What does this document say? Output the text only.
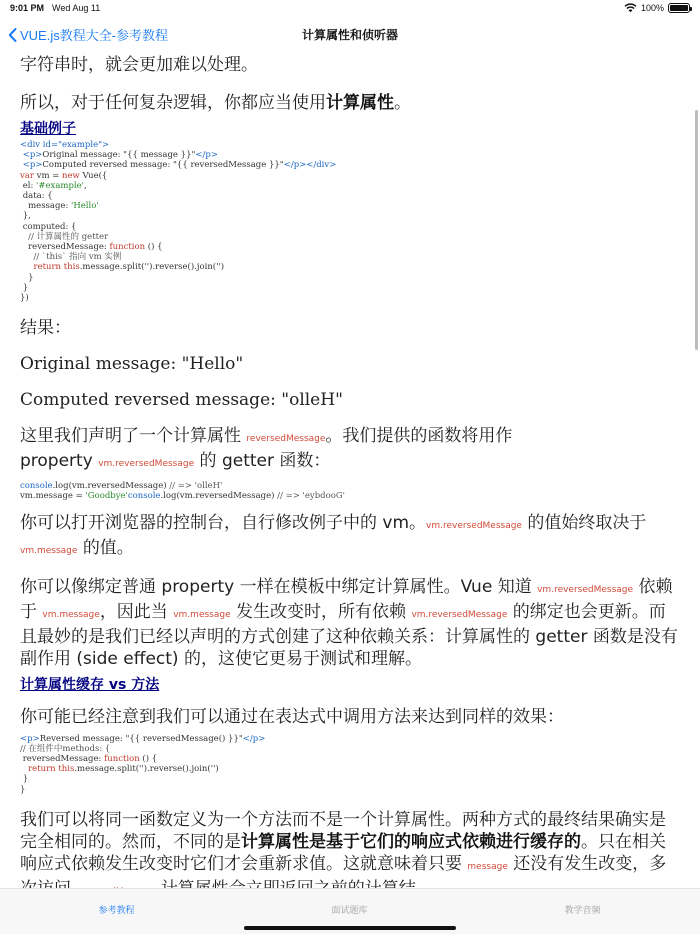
9:01 PM Wed Aug 11	100%
VUE.js教程大全-参考教程	计算属性和侦听器

字符串时，就会更加难以处理。

所以，对于任何复杂逻辑，你都应当使用计算属性。

基础例子
<div id="example">
<p>Original message: "{{ message }}"</p>
<p>Computed reversed message: "{{ reversedMessage }}"</p></div>
var vm = new Vue({
el: '#example',
data: {
message: 'Hello'
},
computed: {
// 计算属性的 getter
reversedMessage: function () {
// `this` 指向 vm 实例
return this.message.split('').reverse().join('')
}
}
})

结果：

Original message: "Hello"

Computed reversed message: "olleH"

这里我们声明了一个计算属性 reversedMessage。我们提供的函数将用作
property vm.reversedMessage 的 getter 函数：

console.log(vm.reversedMessage) // => 'olleH'
vm.message = 'Goodbye'console.log(vm.reversedMessage) // => 'eybdooG'

你可以打开浏览器的控制台，自行修改例子中的 vm。vm.reversedMessage 的值始终取决于 vm.message 的值。

你可以像绑定普通 property 一样在模板中绑定计算属性。Vue 知道 vm.reversedMessage 依赖于 vm.message，因此当 vm.message 发生改变时，所有依赖 vm.reversedMessage 的绑定也会更新。而且最妙的是我们已经以声明的方式创建了这种依赖关系：计算属性的 getter 函数是没有副作用 (side effect) 的，这使它更易于测试和理解。

计算属性缓存 vs 方法

你可能已经注意到我们可以通过在表达式中调用方法来达到同样的效果：

<p>Reversed message: "{{ reversedMessage() }}"</p>
// 在组件中methods: {
reversedMessage: function () {
return this.message.split('').reverse().join('')
}
}

我们可以将同一函数定义为一个方法而不是一个计算属性。两种方式的最终结果确实是完全相同的。然而，不同的是计算属性是基于它们的响应式依赖进行缓存的。只在相关响应式依赖发生改变时它们才会重新求值。这就意味着只要 message 还没有发生改变，多

参考教程	面试题库	教学音频
